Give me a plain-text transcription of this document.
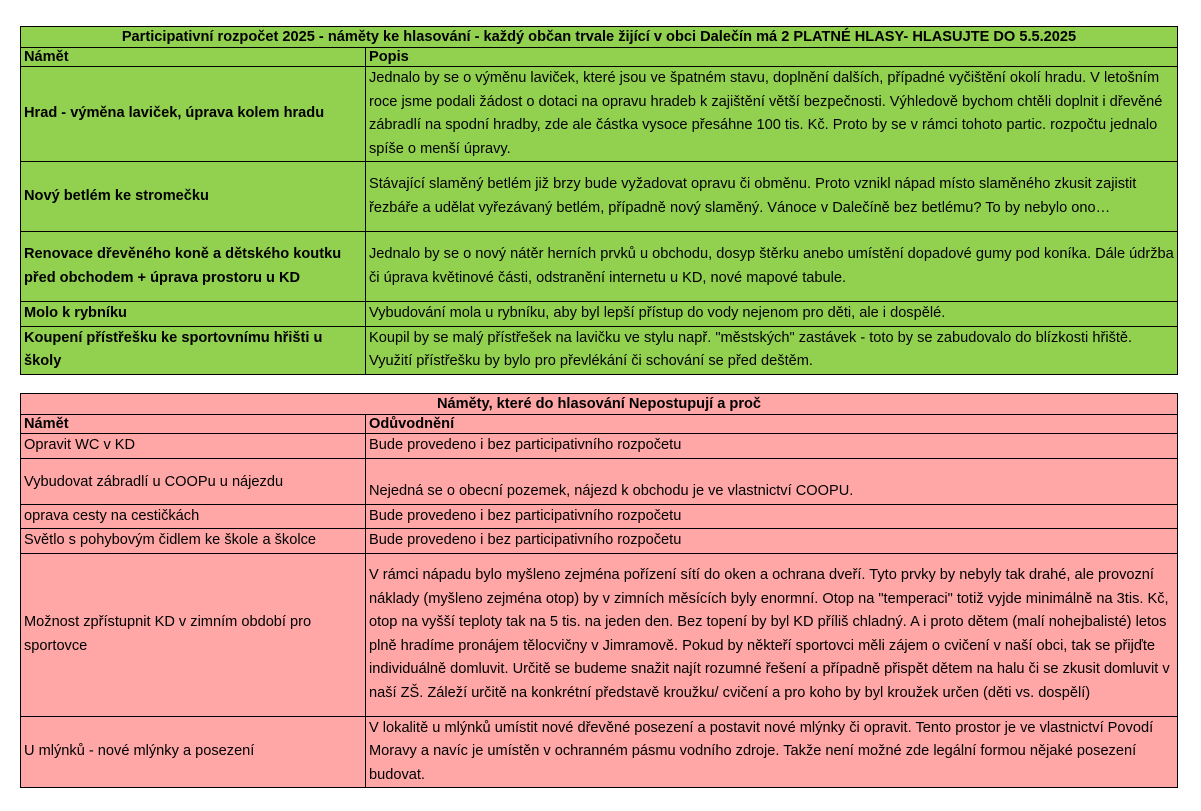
Participativní rozpočet 2025 - náměty ke hlasování - každý občan trvale žijící v obci Dalečín má 2 PLATNÉ HLASY- HLASUJTE DO 5.5.2025	
Námět	Popis
Hrad - výměna laviček, úprava kolem hradu	Jednalo by se o výměnu laviček, které jsou ve špatném stavu, doplnění dalších, případné vyčištění okolí hradu. V letošním roce jsme podali žádost o dotaci na opravu hradeb k zajištění větší bezpečnosti. Výhledově bychom chtěli doplnit i dřevěné zábradlí na spodní hradby, zde ale částka vysoce přesáhne 100 tis. Kč. Proto by se v rámci tohoto partic. rozpočtu jednalo spíše o menší úpravy.
Nový betlém ke stromečku	Stávající slaměný betlém již brzy bude vyžadovat opravu či obměnu. Proto vznikl nápad místo slaměného zkusit zajistit řezbáře a udělat vyřezávaný betlém, případně nový slaměný. Vánoce v Dalečíně bez betlému? To by nebylo ono…
Renovace dřevěného koně a dětského koutku před obchodem + úprava prostoru u KD	Jednalo by se o nový nátěr herních prvků u obchodu, dosyp štěrku anebo umístění dopadové gumy pod koníka. Dále údržba či úprava květinové části, odstranění internetu u KD, nové mapové tabule.
Molo k rybníku	Vybudování mola u rybníku, aby byl lepší přístup do vody nejenom pro děti, ale i dospělé.
Koupení přístřešku ke sportovnímu hřišti u školy	Koupil by se malý přístřešek na lavičku ve stylu např. "městských" zastávek - toto by se zabudovalo do blízkosti hřiště. Využití přístřešku by bylo pro převlékání či schování se před deštěm.
Náměty, které do hlasování Nepostupují a proč	
Námět	Odůvodnění
Opravit WC v KD	Bude provedeno i bez participativního rozpočetu
Vybudovat zábradlí u COOPu u nájezdu	Nejedná se o obecní pozemek, nájezd k obchodu je ve vlastnictví COOPU.
oprava cesty na cestičkách	Bude provedeno i bez participativního rozpočetu
Světlo s pohybovým čidlem ke škole a školce	Bude provedeno i bez participativního rozpočetu
Možnost zpřístupnit KD v zimním období pro sportovce	V rámci nápadu bylo myšleno zejména pořízení sítí do oken a ochrana dveří. Tyto prvky by nebyly tak drahé, ale provozní náklady (myšleno zejména otop) by v zimních měsících byly enormní. Otop na "temperaci" totiž vyjde minimálně na 3tis. Kč, otop na vyšší teploty tak na 5 tis. na jeden den. Bez topení by byl KD příliš chladný. A i proto dětem (malí nohejbalisté) letos plně hradíme pronájem tělocvičny v Jimramově. Pokud by někteří sportovci měli zájem o cvičení v naší obci, tak se přijďte individuálně domluvit. Určitě se budeme snažit najít rozumné řešení a případně přispět dětem na halu či se zkusit domluvit v naší ZŠ. Záleží určitě na konkrétní představě kroužku/ cvičení a pro koho by byl kroužek určen (děti vs. dospělí)
U mlýnků - nové mlýnky a posezení	V lokalitě u mlýnků umístit nové dřevěné posezení a postavit nové mlýnky či opravit. Tento prostor je ve vlastnictví Povodí Moravy a navíc je umístěn v ochranném pásmu vodního zdroje. Takže není možné zde legální formou nějaké posezení budovat.
